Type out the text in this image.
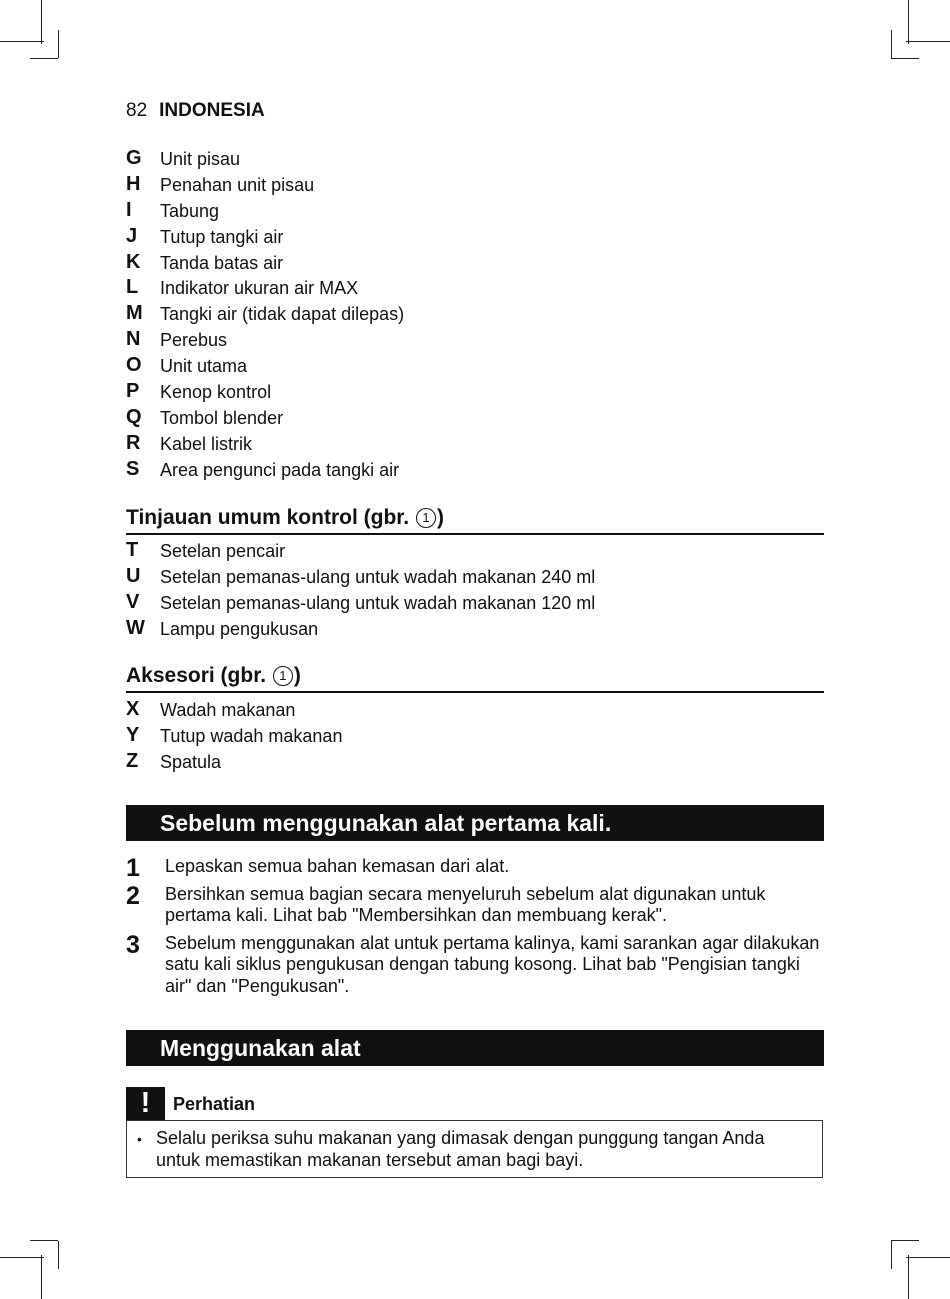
82 INDONESIA
G Unit pisau
H Penahan unit pisau
I Tabung
J Tutup tangki air
K Tanda batas air
L Indikator ukuran air MAX
M Tangki air (tidak dapat dilepas)
N Perebus
O Unit utama
P Kenop kontrol
Q Tombol blender
R Kabel listrik
S Area pengunci pada tangki air
Tinjauan umum kontrol (gbr. 1 )
T Setelan pencair
U Setelan pemanas-ulang untuk wadah makanan 240 ml
V Setelan pemanas-ulang untuk wadah makanan 120 ml
W Lampu pengukusan
Aksesori (gbr. 1 )
X Wadah makanan
Y Tutup wadah makanan
Z Spatula
Sebelum menggunakan alat pertama kali.
1 Lepaskan semua bahan kemasan dari alat.
2 Bersihkan semua bagian secara menyeluruh sebelum alat digunakan untuk pertama kali. Lihat bab "Membersihkan dan membuang kerak".
3 Sebelum menggunakan alat untuk pertama kalinya, kami sarankan agar dilakukan satu kali siklus pengukusan dengan tabung kosong. Lihat bab "Pengisian tangki air" dan "Pengukusan".
Menggunakan alat
!	Perhatian
• Selalu periksa suhu makanan yang dimasak dengan punggung tangan Anda untuk memastikan makanan tersebut aman bagi bayi.
